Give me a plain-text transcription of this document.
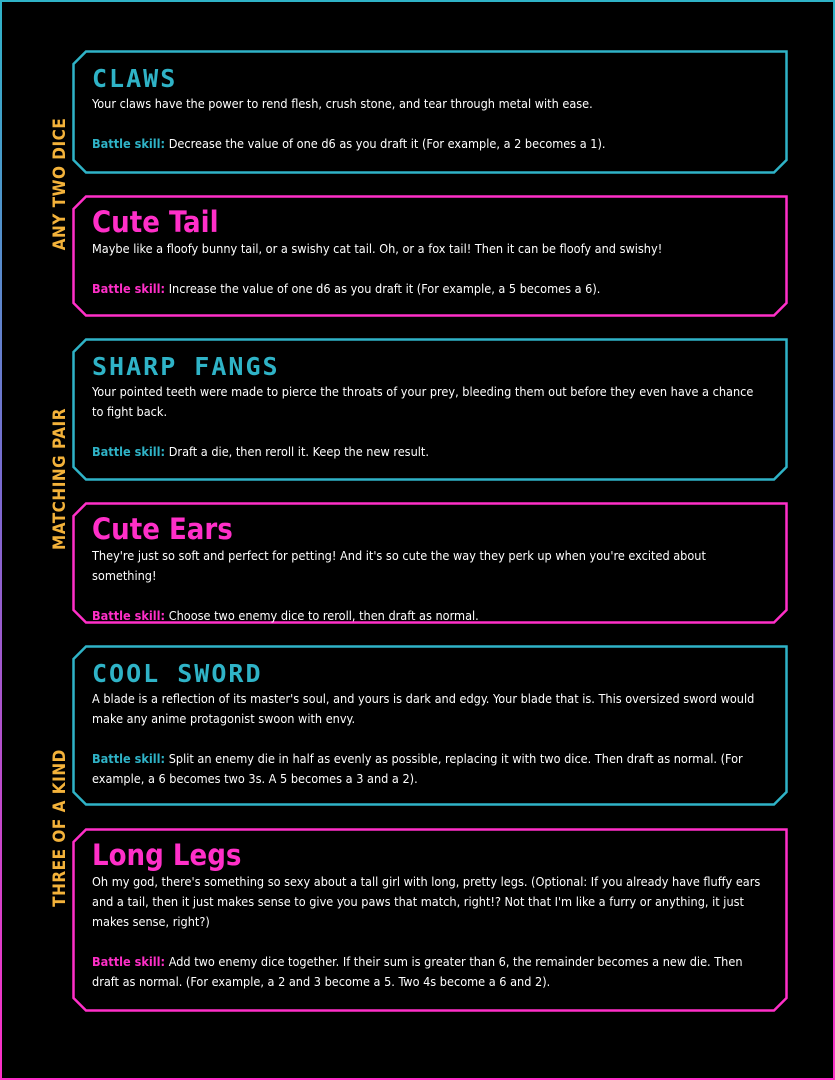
ANY TWO DICE
MATCHING PAIR
THREE OF A KIND
CLAWS

Your claws have the power to rend flesh, crush stone, and tear through metal with ease.

Battle skill: Decrease the value of one d6 as you draft it (For example, a 2 becomes a 1).

Cute Tail

Maybe like a floofy bunny tail, or a swishy cat tail. Oh, or a fox tail! Then it can be floofy and swishy!

Battle skill: Increase the value of one d6 as you draft it (For example, a 5 becomes a 6).

SHARP FANGS

Your pointed teeth were made to pierce the throats of your prey, bleeding them out before they even have a chance to fight back.

Battle skill: Draft a die, then reroll it. Keep the new result.

Cute Ears

They're just so soft and perfect for petting! And it's so cute the way they perk up when you're excited about something!

Battle skill: Choose two enemy dice to reroll, then draft as normal.

COOL SWORD

A blade is a reflection of its master's soul, and yours is dark and edgy. Your blade that is. This oversized sword would make any anime protagonist swoon with envy.

Battle skill: Split an enemy die in half as evenly as possible, replacing it with two dice. Then draft as normal. (For example, a 6 becomes two 3s. A 5 becomes a 3 and a 2).

Long Legs

Oh my god, there's something so sexy about a tall girl with long, pretty legs. (Optional: If you already have fluffy ears and a tail, then it just makes sense to give you paws that match, right!? Not that I'm like a furry or anything, it just makes sense, right?)

Battle skill: Add two enemy dice together. If their sum is greater than 6, the remainder becomes a new die. Then draft as normal. (For example, a 2 and 3 become a 5. Two 4s become a 6 and 2).
